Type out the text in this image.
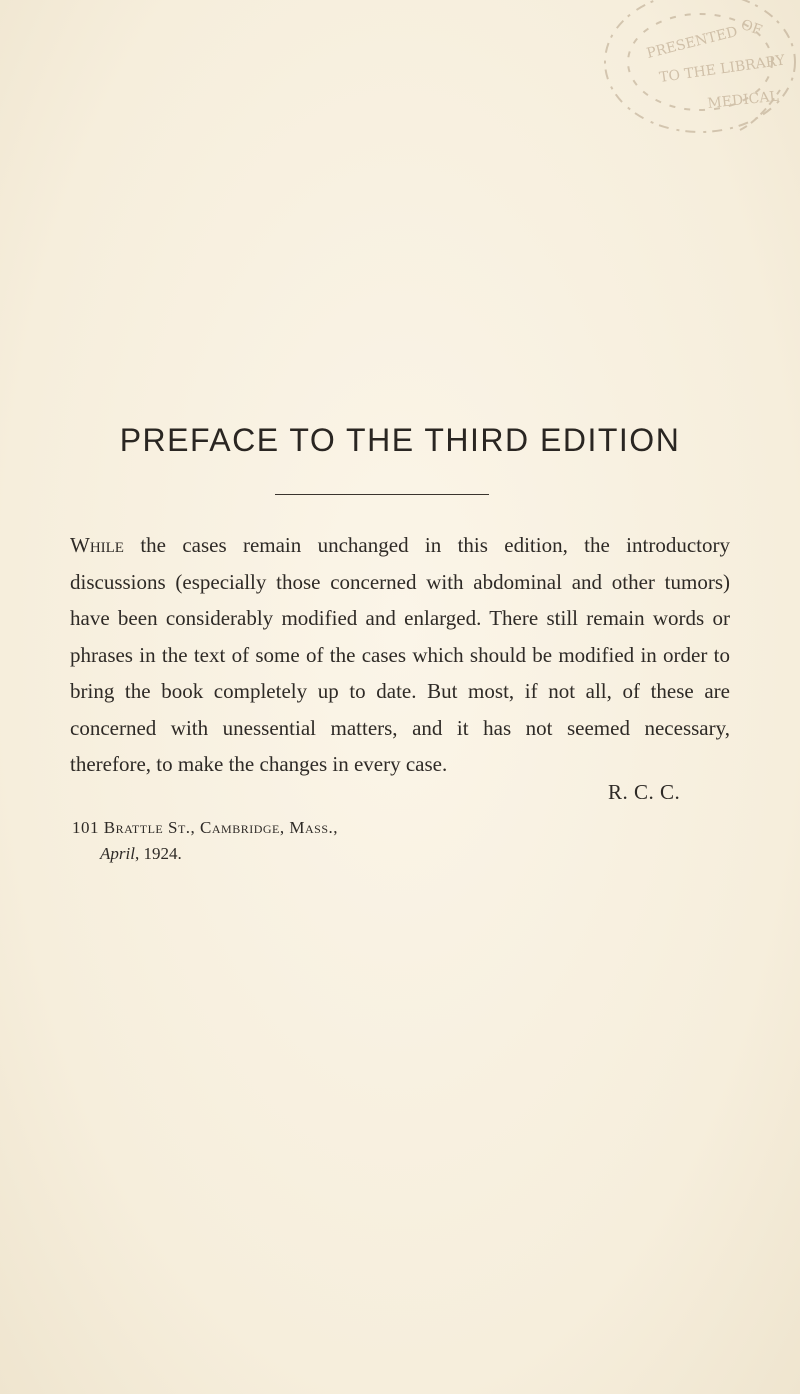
PRESENTED
TO THE LIBRARY
MEDICAL
OF
PREFACE TO THE THIRD EDITION

While the cases remain unchanged in this edition, the introductory discussions (especially those concerned with abdominal and other tumors) have been considerably modified and enlarged. There still remain words or phrases in the text of some of the cases which should be modified in order to bring the book completely up to date. But most, if not all, of these are concerned with unessential matters, and it has not seemed necessary, therefore, to make the changes in every case.

R. C. C.
101 Brattle St., Cambridge, Mass.,
April, 1924.
